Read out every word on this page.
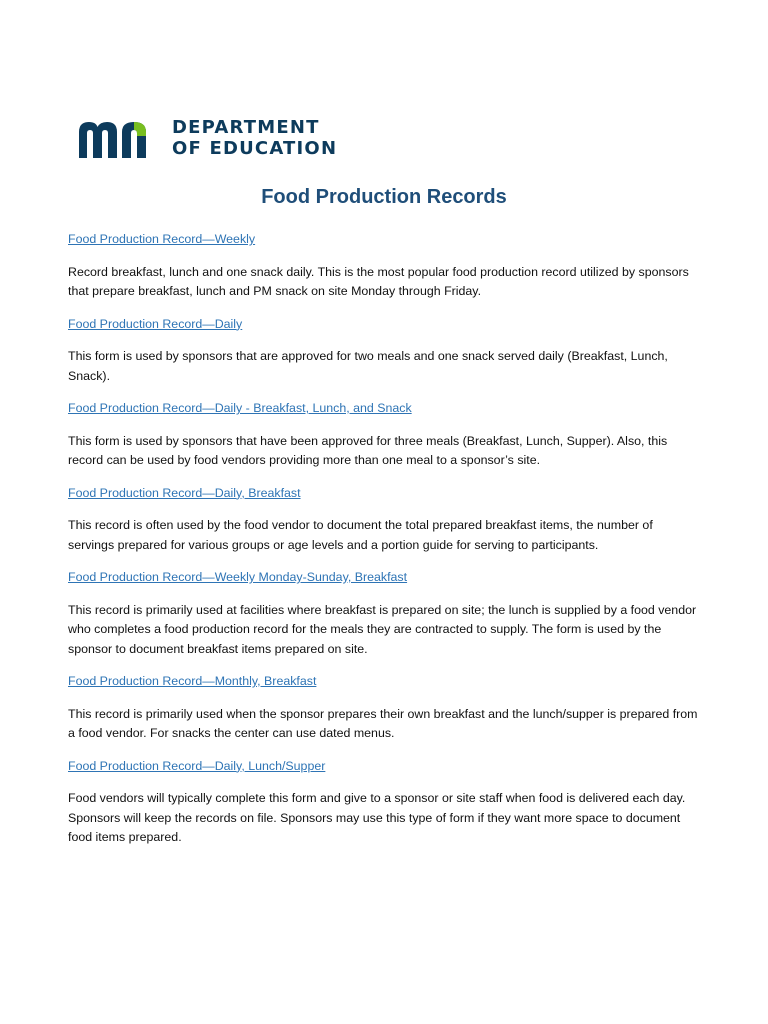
DEPARTMENT
OF EDUCATION
Food Production Records
Food Production Record—Weekly

Record breakfast, lunch and one snack daily. This is the most popular food production record utilized by sponsors that prepare breakfast, lunch and PM snack on site Monday through Friday.

Food Production Record—Daily

This form is used by sponsors that are approved for two meals and one snack served daily (Breakfast, Lunch, Snack).

Food Production Record—Daily - Breakfast, Lunch, and Snack

This form is used by sponsors that have been approved for three meals (Breakfast, Lunch, Supper). Also, this record can be used by food vendors providing more than one meal to a sponsor’s site.

Food Production Record—Daily, Breakfast

This record is often used by the food vendor to document the total prepared breakfast items, the number of servings prepared for various groups or age levels and a portion guide for serving to participants.

Food Production Record—Weekly Monday-Sunday, Breakfast

This record is primarily used at facilities where breakfast is prepared on site; the lunch is supplied by a food vendor who completes a food production record for the meals they are contracted to supply. The form is used by the sponsor to document breakfast items prepared on site.

Food Production Record—Monthly, Breakfast

This record is primarily used when the sponsor prepares their own breakfast and the lunch/supper is prepared from a food vendor. For snacks the center can use dated menus.

Food Production Record—Daily, Lunch/Supper

Food vendors will typically complete this form and give to a sponsor or site staff when food is delivered each day. Sponsors will keep the records on file. Sponsors may use this type of form if they want more space to document food items prepared.
